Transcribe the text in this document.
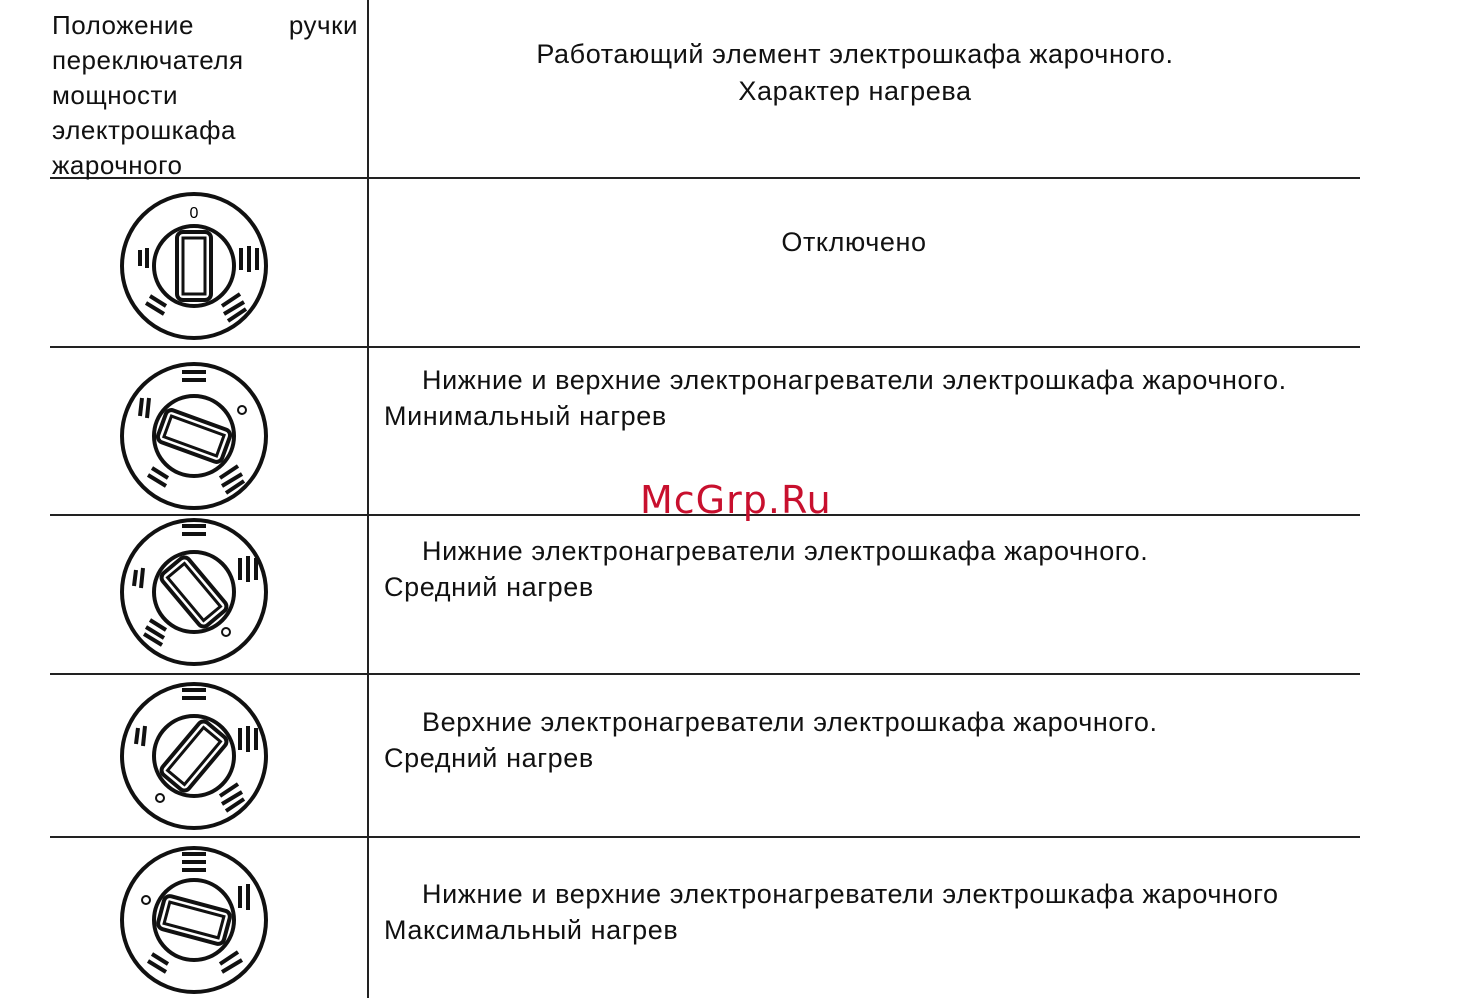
Положение ручки переключателя мощности электрошкафа жарочного
Работающий элемент электрошкафа жарочного.
Характер нагрева
0
Отключено
Нижние и верхние электронагреватели электрошкафа жарочного.
Минимальный нагрев
Нижние электронагреватели электрошкафа жарочного.
Средний нагрев
Верхние электронагреватели электрошкафа жарочного.
Средний нагрев
Нижние и верхние электронагреватели электрошкафа жарочного
Максимальный нагрев
McGrp.Ru
